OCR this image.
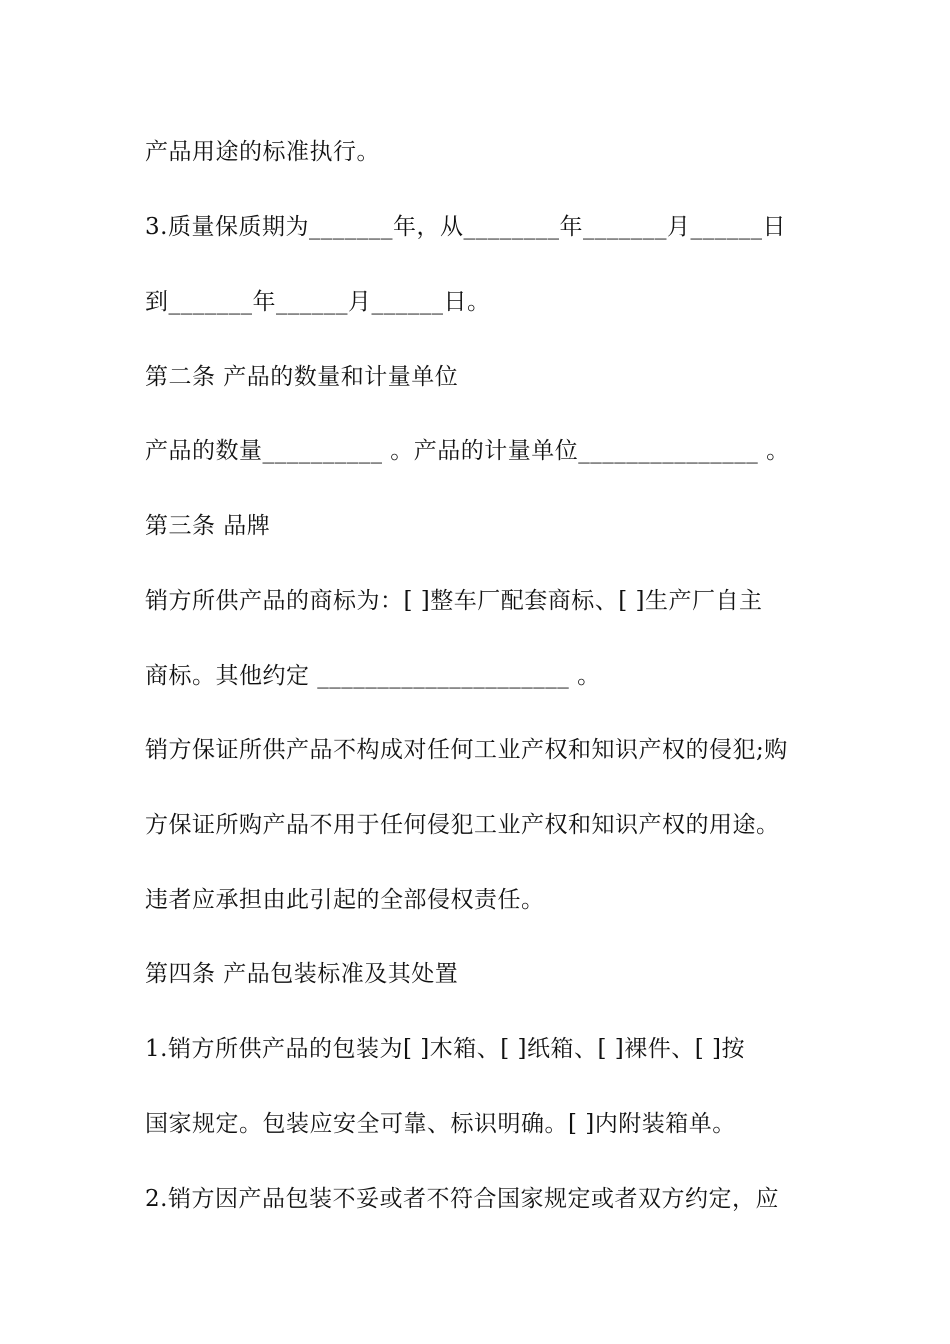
产品用途的标准执行。
3.质量保质期为_______年，从________年_______月______日
到_______年______月______日。
第二条 产品的数量和计量单位
产品的数量__________ 。产品的计量单位_______________ 。
第三条 品牌
销方所供产品的商标为：[ ]整车厂配套商标、[ ]生产厂自主
商标。其他约定 _____________________ 。
销方保证所供产品不构成对任何工业产权和知识产权的侵犯;购
方保证所购产品不用于任何侵犯工业产权和知识产权的用途。
违者应承担由此引起的全部侵权责任。
第四条 产品包装标准及其处置
1.销方所供产品的包装为[ ]木箱、[ ]纸箱、[ ]裸件、[ ]按
国家规定。包装应安全可靠、标识明确。[ ]内附装箱单。
2.销方因产品包装不妥或者不符合国家规定或者双方约定，应
